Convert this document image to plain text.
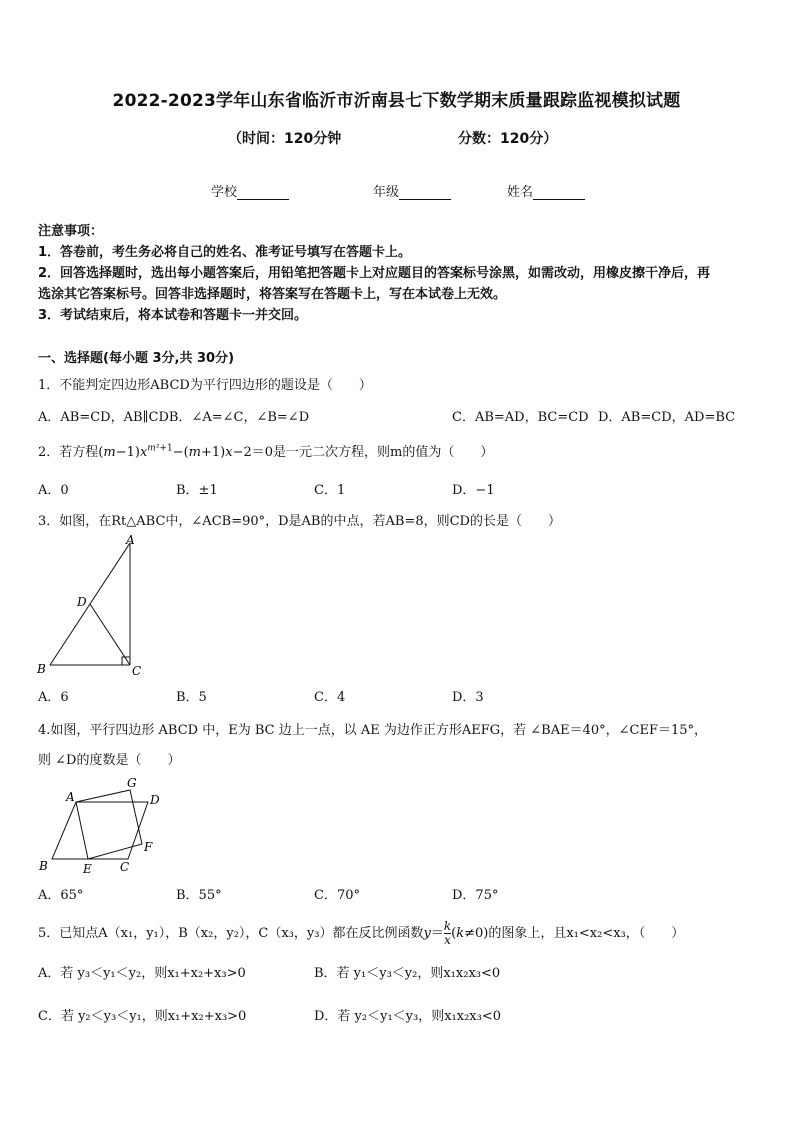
2022-2023学年山东省临沂市沂南县七下数学期末质量跟踪监视模拟试题
（时间：120分钟	分数：120分）
学校	年级	姓名
注意事项：
1．答卷前，考生务必将自己的姓名、准考证号填写在答题卡上。
2．回答选择题时，选出每小题答案后，用铅笔把答题卡上对应题目的答案标号涂黑，如需改动，用橡皮擦干净后，再
选涂其它答案标号。回答非选择题时，将答案写在答题卡上，写在本试卷上无效。
3．考试结束后，将本试卷和答题卡一并交回。
一、选择题(每小题 3分,共 30分)
1．不能判定四边形ABCD为平行四边形的题设是（　　）
A．AB=CD，AB∥CDB．∠A=∠C，∠B=∠D	C．AB=AD，BC=CD D．AB=CD，AD=BC
2．若方程$(m-1)x^{m^2+1}-(m+1)x-2=0$是一元二次方程，则m的值为（　　）
A．0	B．±1	C．1	D．−1
3．如图，在Rt△ABC中，∠ACB=90°，D是AB的中点，若AB=8，则CD的长是（　　）
A
D
B	C
A．6	B．5	C．4	D．3
4.如图，平行四边形 ABCD 中，E为 BC 边上一点，以 AE 为边作正方形AEFG，若 ∠BAE＝40°，∠CEF＝15°，
则 ∠D的度数是（　　）
A
G
D
F
B	E C
A．65°	B．55°	C．70°	D．75°
5．已知点A（x₁，y₁），B（x₂，y₂），C（x₃，y₃）都在反比例函数$y= \frac{k}{x} (k\ne 0)$的图象上，且x₁<x₂<x₃，（　　）
A．若 y₃＜y₁＜y₂，则x₁+x₂+x₃>0	B．若 y₁＜y₃＜y₂，则x₁x₂x₃<0
C．若 y₂＜y₃＜y₁，则x₁+x₂+x₃>0	D．若 y₂＜y₁＜y₃，则x₁x₂x₃<0
